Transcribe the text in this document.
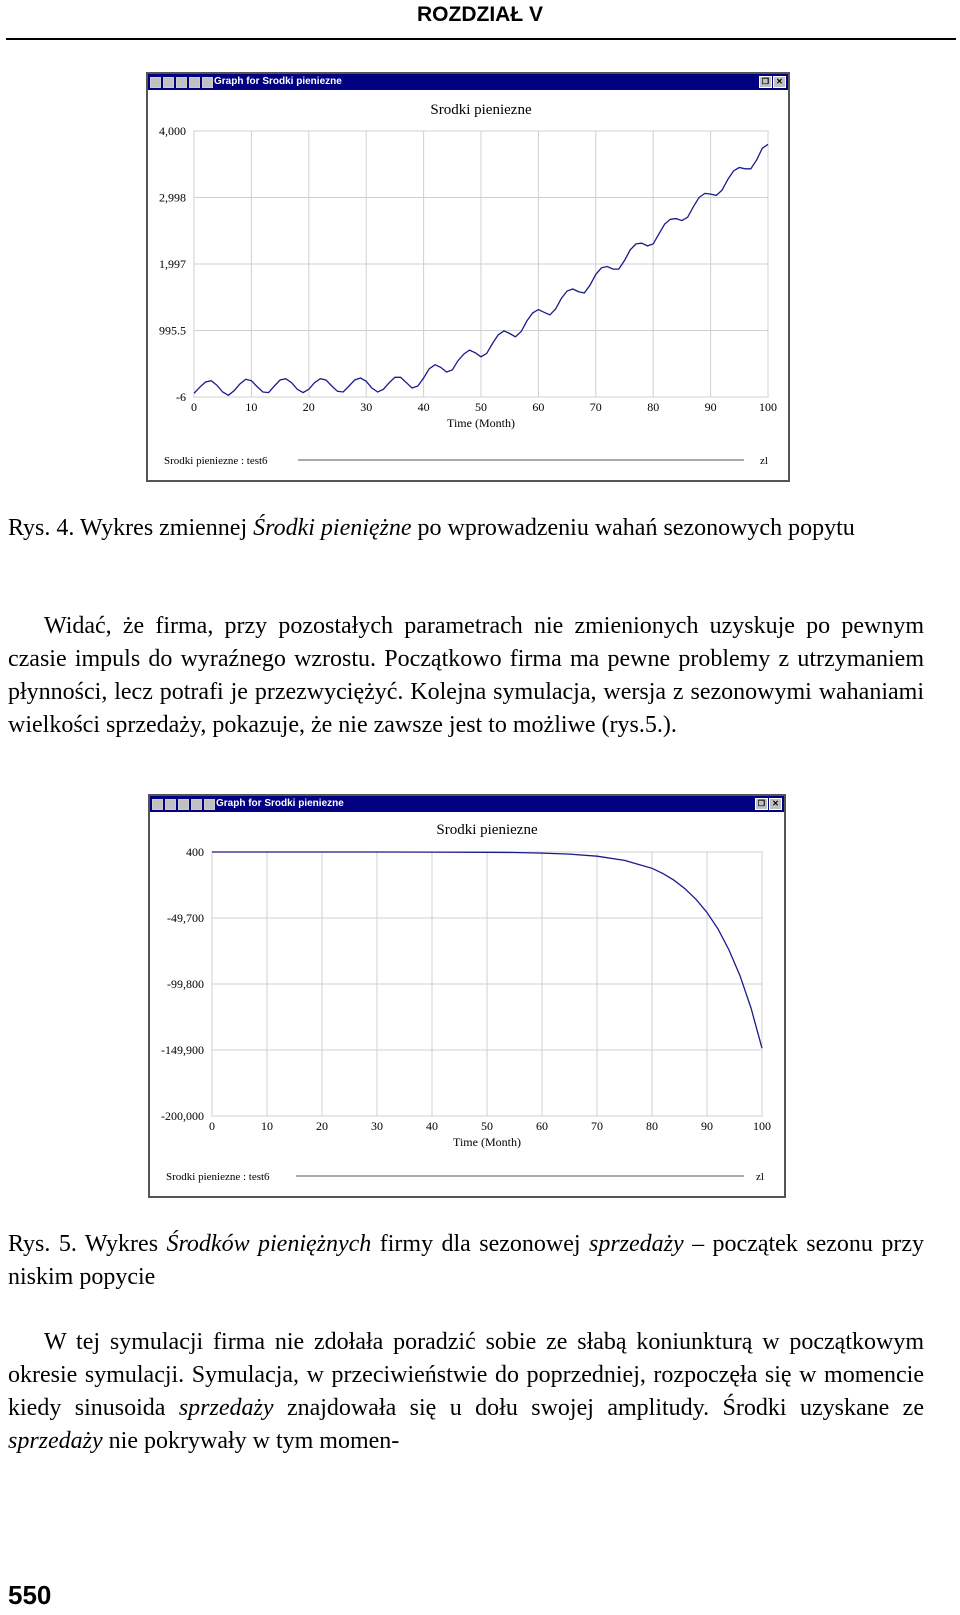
ROZDZIAŁ V
Graph for Srodki pieniezne	❐ ✕
0	10	20	30	40	50	60	70	80	90	100
4,000
2,998
1,997
995.5
-6
Srodki pieniezne
Time (Month)
Srodki pieniezne : test6	zl
Rys. 4. Wykres zmiennej Środki pieniężne po wprowadzeniu wahań sezonowych popytu
Widać, że firma, przy pozostałych parametrach nie zmienionych uzyskuje po pewnym czasie impuls do wyraźnego wzrostu. Początkowo firma ma pewne problemy z utrzymaniem płynności, lecz potrafi je przezwyciężyć. Kolejna symulacja, wersja z sezonowymi wahaniami wielkości sprzedaży, pokazuje, że nie zawsze jest to możliwe (rys.5.).
Graph for Srodki pieniezne	❐ ✕
0	10	20	30	40	50	60	70	80	90	100
400
-49,700
-99,800
-149,900
-200,000
Srodki pieniezne
Time (Month)
Srodki pieniezne : test6	zl
Rys. 5. Wykres Środków pieniężnych firmy dla sezonowej sprzedaży – początek sezonu przy niskim popycie
W tej symulacji firma nie zdołała poradzić sobie ze słabą koniunkturą w początkowym okresie symulacji. Symulacja, w przeciwieństwie do poprzedniej, rozpoczęła się w momencie kiedy sinusoida sprzedaży znajdowała się u dołu swojej amplitudy. Środki uzyskane ze sprzedaży nie pokrywały w tym momen-
550
